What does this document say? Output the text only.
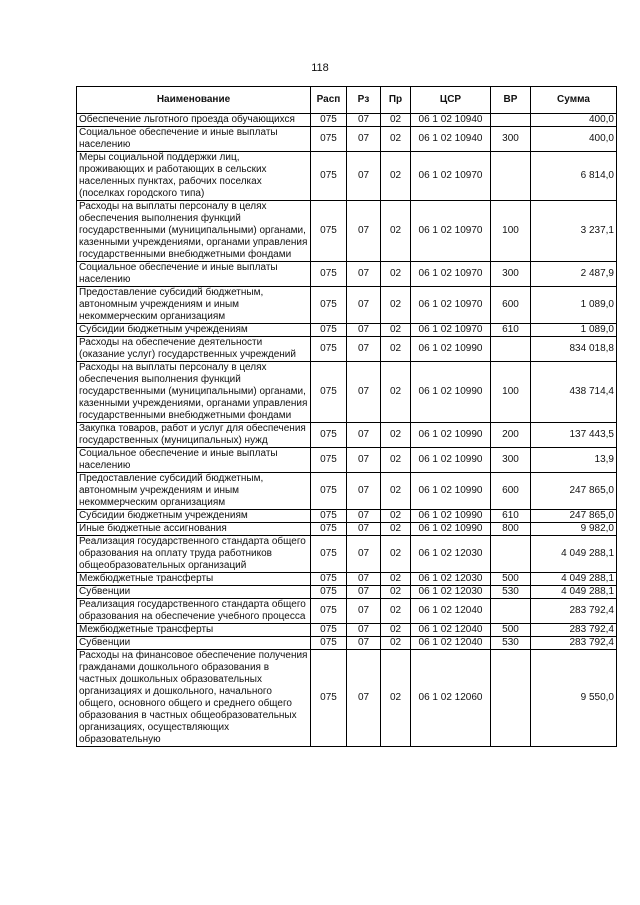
118
Наименование	Расп	Рз	Пр	ЦСР	ВР	Сумма
Обеспечение льготного проезда обучающихся	075	07	02	06 1 02 10940		400,0
Социальное обеспечение и иные выплаты населению	075	07	02	06 1 02 10940	300	400,0
Меры социальной поддержки лиц, проживающих и работающих в сельских населенных пунктах, рабочих поселках (поселках городского типа)	075	07	02	06 1 02 10970		6 814,0
Расходы на выплаты персоналу в целях обеспечения выполнения функций государственными (муниципальными) органами, казенными учреждениями, органами управления государственными внебюджетными фондами	075	07	02	06 1 02 10970	100	3 237,1
Социальное обеспечение и иные выплаты населению	075	07	02	06 1 02 10970	300	2 487,9
Предоставление субсидий бюджетным, автономным учреждениям и иным некоммерческим организациям	075	07	02	06 1 02 10970	600	1 089,0
Субсидии бюджетным учреждениям	075	07	02	06 1 02 10970	610	1 089,0
Расходы на обеспечение деятельности (оказание услуг) государственных учреждений	075	07	02	06 1 02 10990		834 018,8
Расходы на выплаты персоналу в целях обеспечения выполнения функций государственными (муниципальными) органами, казенными учреждениями, органами управления государственными внебюджетными фондами	075	07	02	06 1 02 10990	100	438 714,4
Закупка товаров, работ и услуг для обеспечения государственных (муниципальных) нужд	075	07	02	06 1 02 10990	200	137 443,5
Социальное обеспечение и иные выплаты населению	075	07	02	06 1 02 10990	300	13,9
Предоставление субсидий бюджетным, автономным учреждениям и иным некоммерческим организациям	075	07	02	06 1 02 10990	600	247 865,0
Субсидии бюджетным учреждениям	075	07	02	06 1 02 10990	610	247 865,0
Иные бюджетные ассигнования	075	07	02	06 1 02 10990	800	9 982,0
Реализация государственного стандарта общего образования на оплату труда работников общеобразовательных организаций	075	07	02	06 1 02 12030		4 049 288,1
Межбюджетные трансферты	075	07	02	06 1 02 12030	500	4 049 288,1
Субвенции	075	07	02	06 1 02 12030	530	4 049 288,1
Реализация государственного стандарта общего образования на обеспечение учебного процесса	075	07	02	06 1 02 12040		283 792,4
Межбюджетные трансферты	075	07	02	06 1 02 12040	500	283 792,4
Субвенции	075	07	02	06 1 02 12040	530	283 792,4
Расходы на финансовое обеспечение получения гражданами дошкольного образования в частных дошкольных образовательных организациях и дошкольного, начального общего, основного общего и среднего общего образования в частных общеобразовательных организациях, осуществляющих образовательную	075	07	02	06 1 02 12060		9 550,0
